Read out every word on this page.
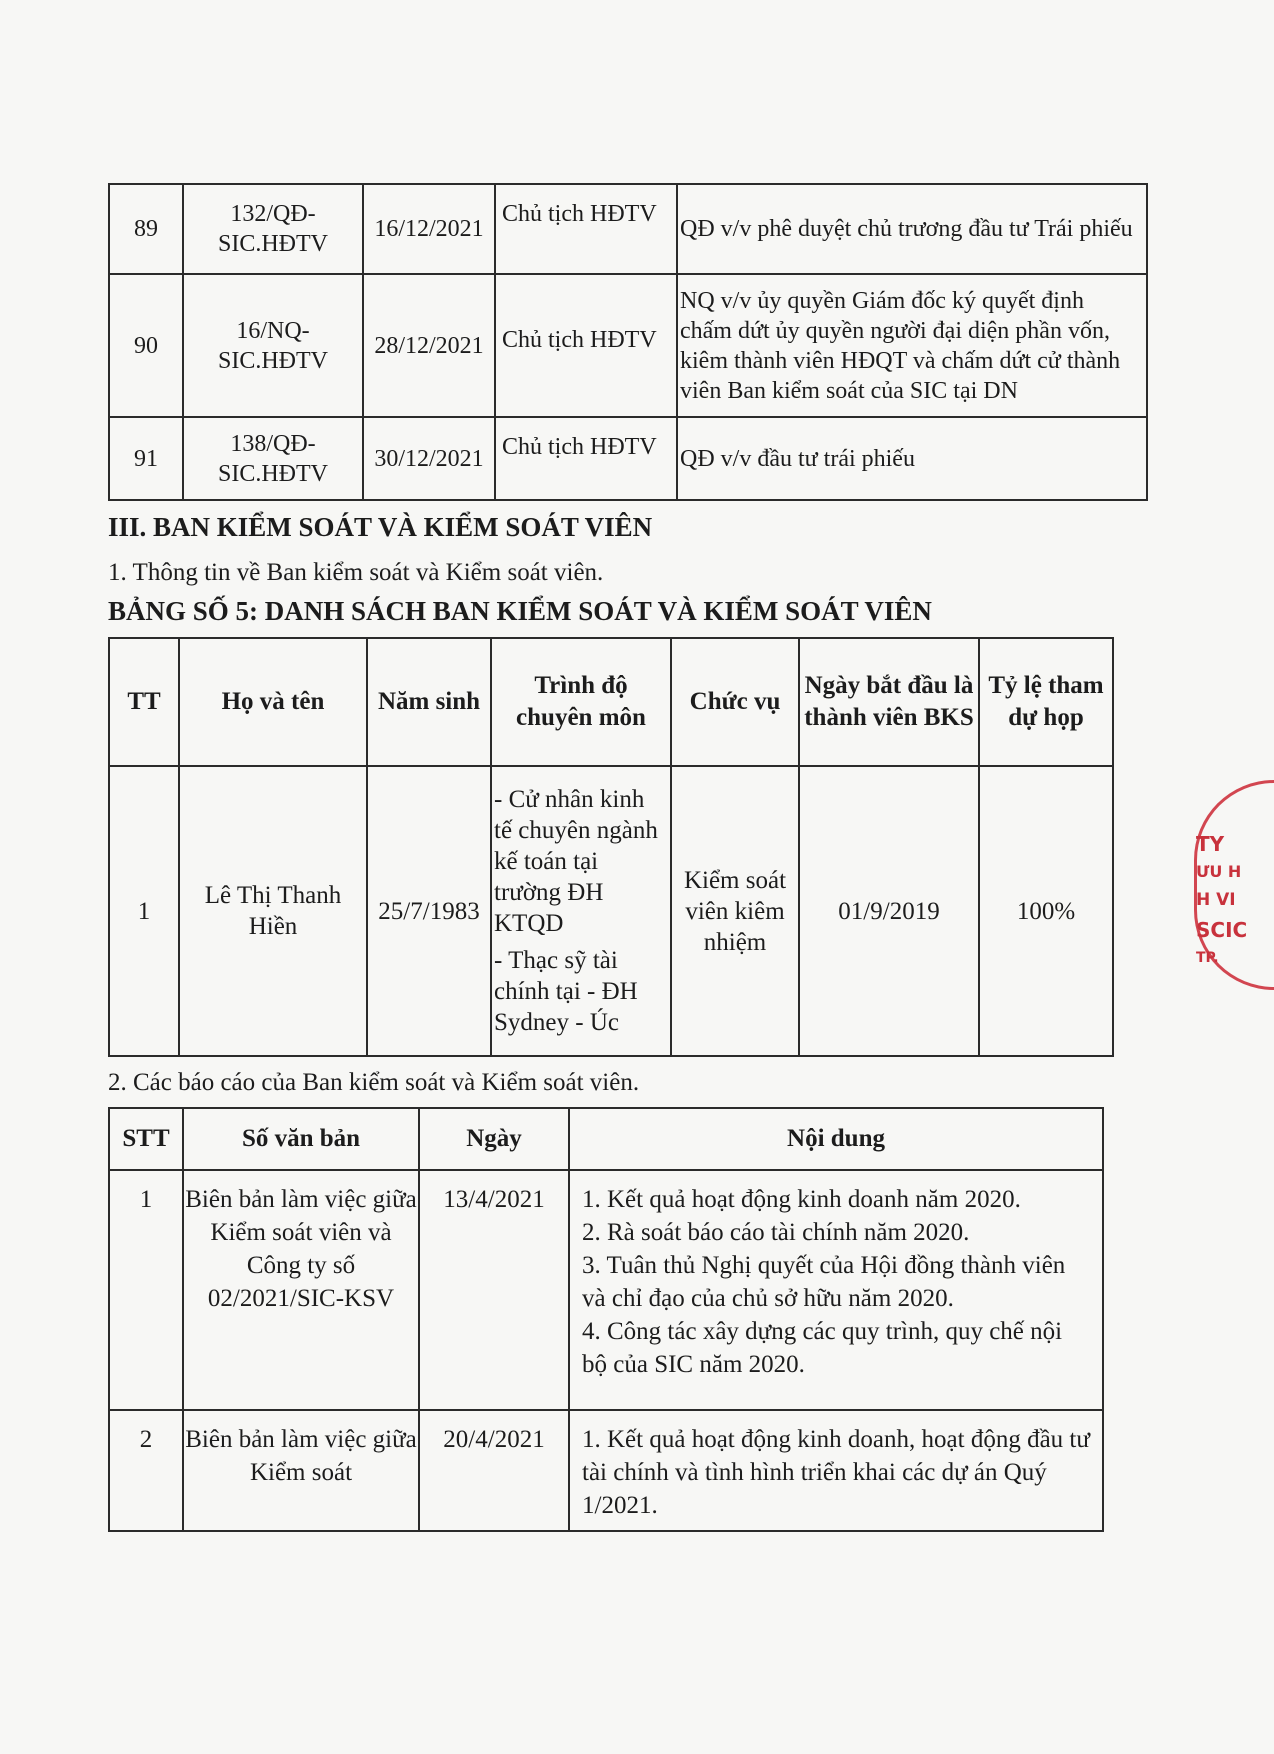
89	132/QĐ-SIC.HĐTV	16/12/2021	Chủ tịch HĐTV	QĐ v/v phê duyệt chủ trương đầu tư Trái phiếu
90	16/NQ-SIC.HĐTV	28/12/2021	Chủ tịch HĐTV	NQ v/v ủy quyền Giám đốc ký quyết định chấm dứt ủy quyền người đại diện phần vốn, kiêm thành viên HĐQT và chấm dứt cử thành viên Ban kiểm soát của SIC tại DN
91	138/QĐ-SIC.HĐTV	30/12/2021	Chủ tịch HĐTV	QĐ v/v đầu tư trái phiếu

III. BAN KIỂM SOÁT VÀ KIỂM SOÁT VIÊN

1. Thông tin về Ban kiểm soát và Kiểm soát viên.

BẢNG SỐ 5: DANH SÁCH BAN KIỂM SOÁT VÀ KIỂM SOÁT VIÊN

TT	Họ và tên	Năm sinh	Trình độ chuyên môn	Chức vụ	Ngày bắt đầu là thành viên BKS	Tỷ lệ tham dự họp
1	Lê Thị Thanh Hiền	25/7/1983	- Cử nhân kinh tế chuyên ngành kế toán tại trường ĐH KTQD
- Thạc sỹ tài chính tại - ĐH Sydney - Úc	Kiểm soát viên kiêm nhiệm	01/9/2019	100%

2. Các báo cáo của Ban kiểm soát và Kiểm soát viên.

STT	Số văn bản	Ngày	Nội dung
1	Biên bản làm việc giữa Kiểm soát viên và Công ty số 02/2021/SIC-KSV	13/4/2021	1. Kết quả hoạt động kinh doanh năm 2020.
2. Rà soát báo cáo tài chính năm 2020.
3. Tuân thủ Nghị quyết của Hội đồng thành viên và chỉ đạo của chủ sở hữu năm 2020.
4. Công tác xây dựng các quy trình, quy chế nội bộ của SIC năm 2020.

2	Biên bản làm việc giữa Kiểm soát	20/4/2021	1. Kết quả hoạt động kinh doanh, hoạt động đầu tư tài chính và tình hình triển khai các dự án Quý 1/2021.
TY
ƯU H
H VI
SCIC
TP.
